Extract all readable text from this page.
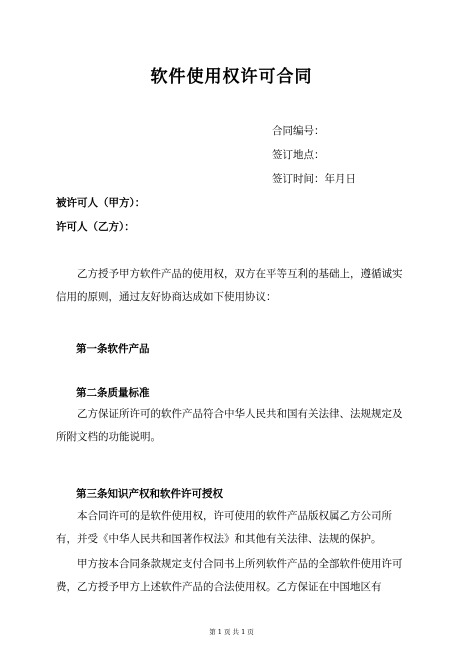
软件使用权许可合同
合同编号：
签订地点：
签订时间：年月日
被许可人（甲方）：
许可人（乙方）：
乙方授予甲方软件产品的使用权，双方在平等互利的基础上，遵循诚实信用的原则，通过友好协商达成如下使用协议：
第一条软件产品
第二条质量标准
乙方保证所许可的软件产品符合中华人民共和国有关法律、法规规定及所附文档的功能说明。
第三条知识产权和软件许可授权
本合同许可的是软件使用权，许可使用的软件产品版权属乙方公司所有，并受《中华人民共和国著作权法》和其他有关法律、法规的保护。
甲方按本合同条款规定支付合同书上所列软件产品的全部软件使用许可费，乙方授予甲方上述软件产品的合法使用权。乙方保证在中国地区有
第 1 页 共 1 页
